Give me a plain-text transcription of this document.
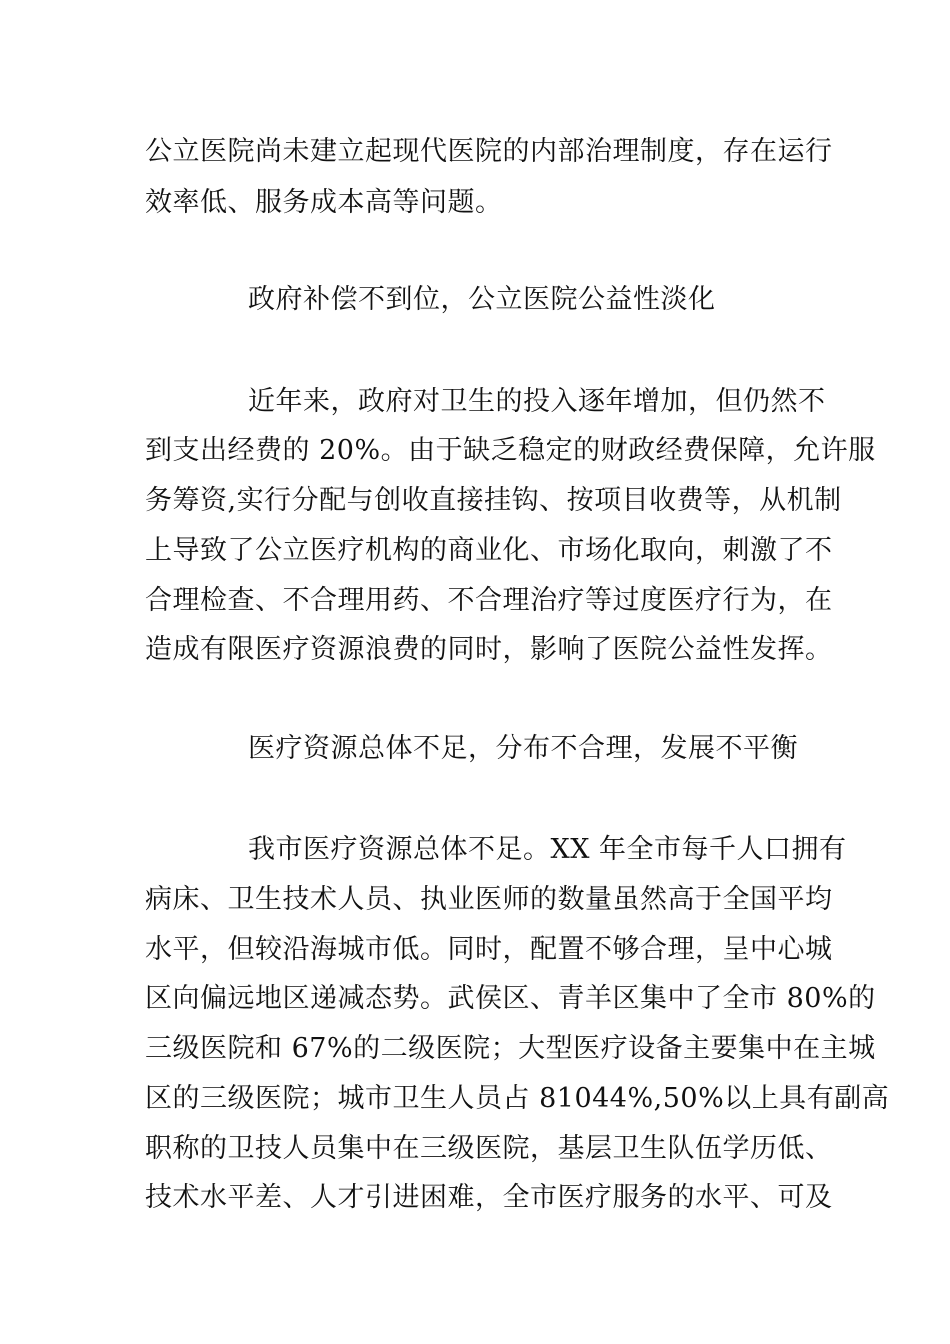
公立医院尚未建立起现代医院的内部治理制度，存在运行
效率低、服务成本高等问题。
政府补偿不到位，公立医院公益性淡化
近年来，政府对卫生的投入逐年增加，但仍然不
到支出经费的 20%。由于缺乏稳定的财政经费保障，允许服
务筹资,实行分配与创收直接挂钩、按项目收费等，从机制
上导致了公立医疗机构的商业化、市场化取向，刺激了不
合理检查、不合理用药、不合理治疗等过度医疗行为，在
造成有限医疗资源浪费的同时，影响了医院公益性发挥。
医疗资源总体不足，分布不合理，发展不平衡
我市医疗资源总体不足。XX 年全市每千人口拥有
病床、卫生技术人员、执业医师的数量虽然高于全国平均
水平，但较沿海城市低。同时，配置不够合理，呈中心城
区向偏远地区递减态势。武侯区、青羊区集中了全市 80%的
三级医院和 67%的二级医院；大型医疗设备主要集中在主城
区的三级医院；城市卫生人员占 81044%,50%以上具有副高
职称的卫技人员集中在三级医院，基层卫生队伍学历低、
技术水平差、人才引进困难，全市医疗服务的水平、可及
